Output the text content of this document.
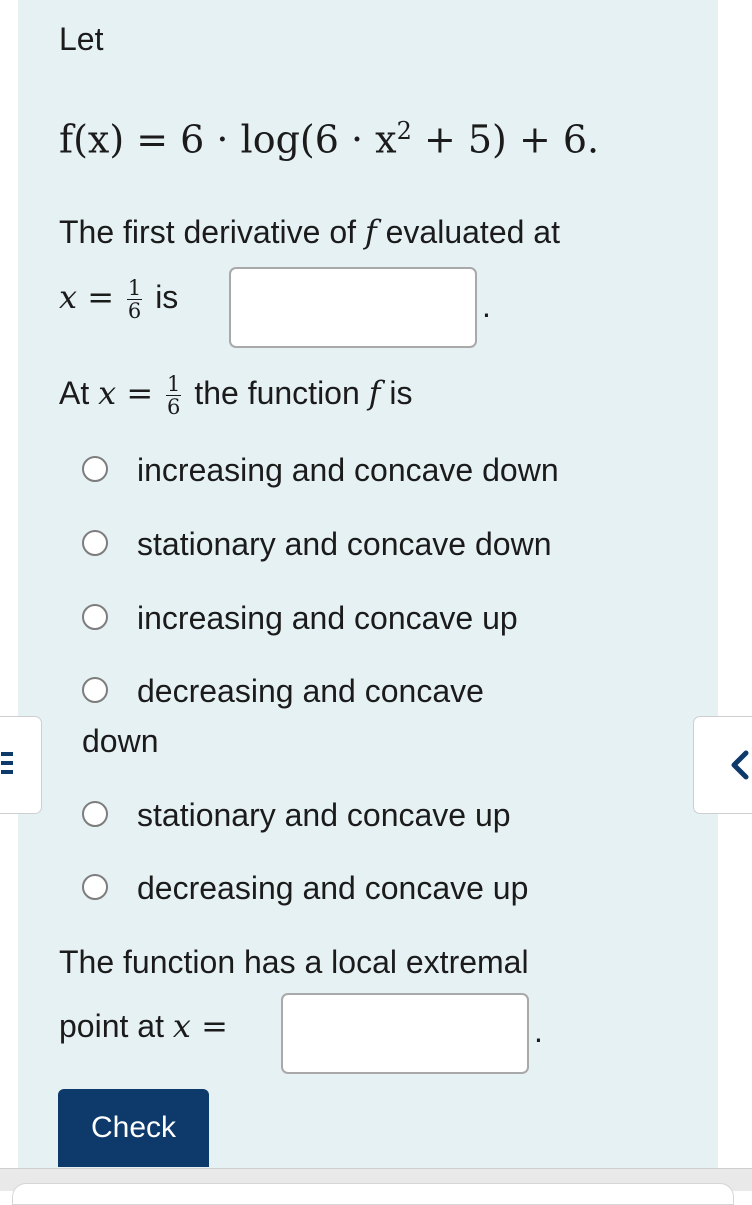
Let
$f(x) = 6 \cdot \log(6 \cdot x^2 + 5) + 6$.
The first derivative of f evaluated at
$x = \frac{1}{6}$ is	.
At $x = \frac{1}{6}$ the function f is
increasing and concave down
stationary and concave down
increasing and concave up
decreasing and concave
down
stationary and concave up
decreasing and concave up
The function has a local extremal
point at x =	.
Check
